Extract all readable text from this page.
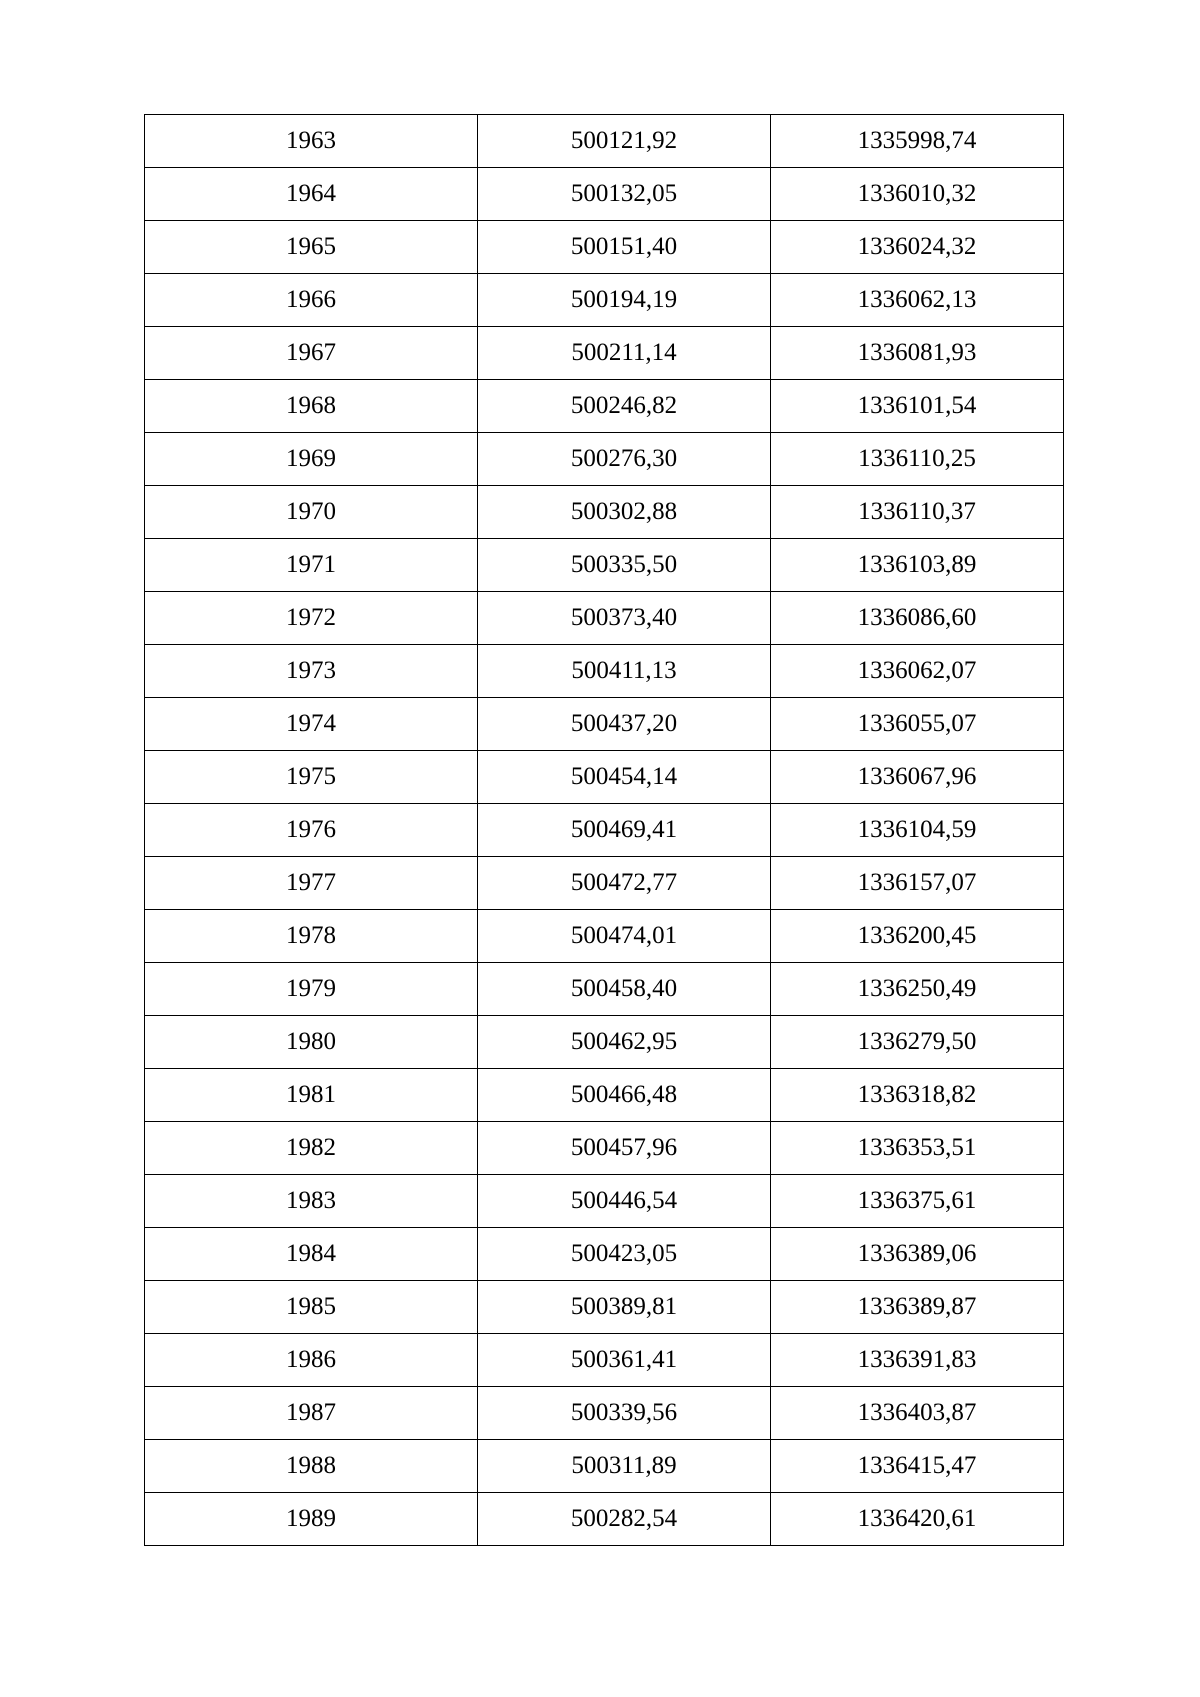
1963	500121,92	1335998,74
1964	500132,05	1336010,32
1965	500151,40	1336024,32
1966	500194,19	1336062,13
1967	500211,14	1336081,93
1968	500246,82	1336101,54
1969	500276,30	1336110,25
1970	500302,88	1336110,37
1971	500335,50	1336103,89
1972	500373,40	1336086,60
1973	500411,13	1336062,07
1974	500437,20	1336055,07
1975	500454,14	1336067,96
1976	500469,41	1336104,59
1977	500472,77	1336157,07
1978	500474,01	1336200,45
1979	500458,40	1336250,49
1980	500462,95	1336279,50
1981	500466,48	1336318,82
1982	500457,96	1336353,51
1983	500446,54	1336375,61
1984	500423,05	1336389,06
1985	500389,81	1336389,87
1986	500361,41	1336391,83
1987	500339,56	1336403,87
1988	500311,89	1336415,47
1989	500282,54	1336420,61
